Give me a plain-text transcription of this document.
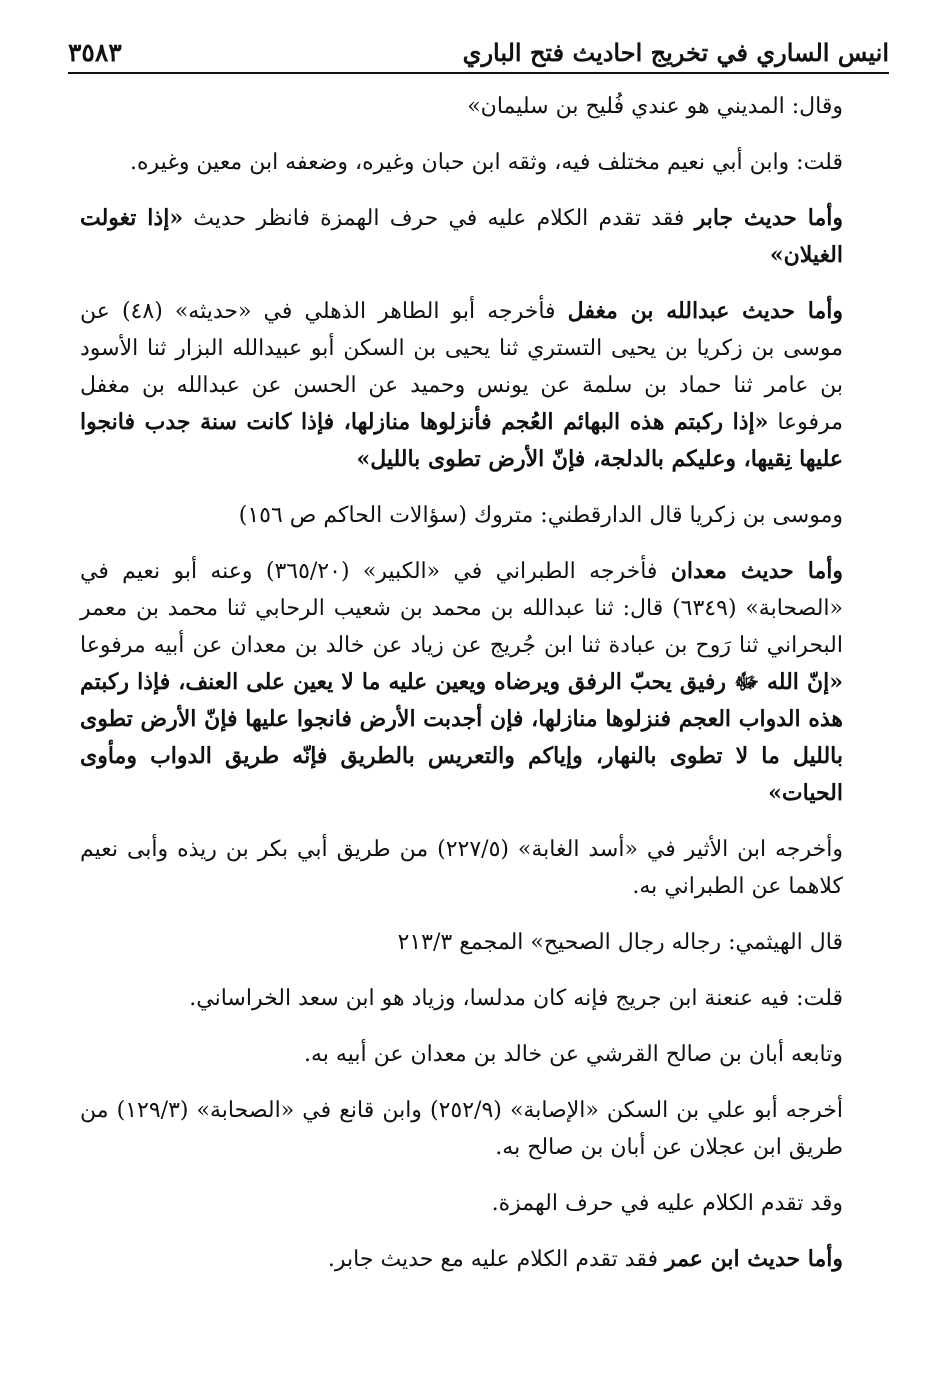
٣٥٨٣	انيس الساري في تخريج احاديث فتح الباري

وقال: المديني هو عندي فُليح بن سليمان»

قلت: وابن أبي نعيم مختلف فيه، وثقه ابن حبان وغيره، وضعفه ابن معين وغيره.

وأما حديث جابر فقد تقدم الكلام عليه في حرف الهمزة فانظر حديث «إذا تغولت الغيلان»

وأما حديث عبدالله بن مغفل فأخرجه أبو الطاهر الذهلي في «حديثه» (٤٨) عن موسى بن زكريا بن يحيى التستري ثنا يحيى بن السكن أبو عبيدالله البزار ثنا الأسود بن عامر ثنا حماد بن سلمة عن يونس وحميد عن الحسن عن عبدالله بن مغفل مرفوعا «إذا ركبتم هذه البهائم العُجم فأنزلوها منازلها، فإذا كانت سنة جدب فانجوا عليها نِقيها، وعليكم بالدلجة، فإنّ الأرض تطوى بالليل»

وموسى بن زكريا قال الدارقطني: متروك (سؤالات الحاكم ص ١٥٦)

وأما حديث معدان فأخرجه الطبراني في «الكبير» (٣٦٥/٢٠) وعنه أبو نعيم في «الصحابة» (٦٣٤٩) قال: ثنا عبدالله بن محمد بن شعيب الرحابي ثنا محمد بن معمر البحراني ثنا رَوح بن عبادة ثنا ابن جُريج عن زياد عن خالد بن معدان عن أبيه مرفوعا «إنّ الله ﷻ رفيق يحبّ الرفق ويرضاه ويعين عليه ما لا يعين على العنف، فإذا ركبتم هذه الدواب العجم فنزلوها منازلها، فإن أجدبت الأرض فانجوا عليها فإنّ الأرض تطوى بالليل ما لا تطوى بالنهار، وإياكم والتعريس بالطريق فإنّه طريق الدواب ومأوى الحيات»

وأخرجه ابن الأثير في «أسد الغابة» (٢٢٧/٥) من طريق أبي بكر بن ريذه وأبى نعيم كلاهما عن الطبراني به.

قال الهيثمي: رجاله رجال الصحيح» المجمع ٢١٣/٣

قلت: فيه عنعنة ابن جريج فإنه كان مدلسا، وزياد هو ابن سعد الخراساني.

وتابعه أبان بن صالح القرشي عن خالد بن معدان عن أبيه به.

أخرجه أبو علي بن السكن «الإصابة» (٢٥٢/٩) وابن قانع في «الصحابة» (١٢٩/٣) من طريق ابن عجلان عن أبان بن صالح به.

وقد تقدم الكلام عليه في حرف الهمزة.

وأما حديث ابن عمر فقد تقدم الكلام عليه مع حديث جابر.
